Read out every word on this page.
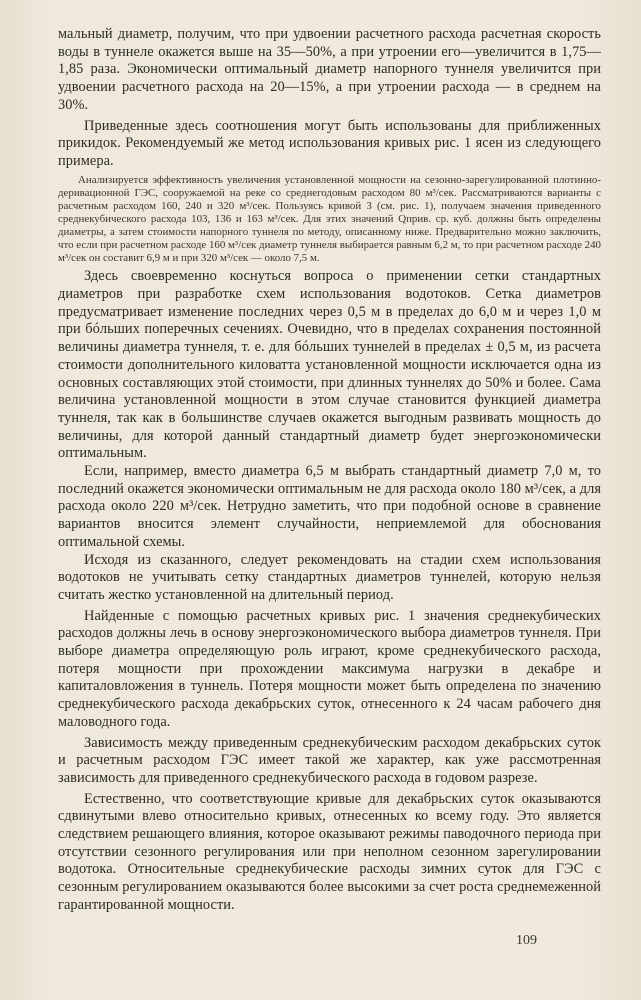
мальный диаметр, получим, что при удвоении расчетного расхода расчетная скорость воды в туннеле окажется выше на 35—50%, а при утроении его—увеличится в 1,75—1,85 раза. Экономически оптимальный диаметр напорного туннеля увеличится при удвоении расчетного расхода на 20—15%, а при утроении расхода — в среднем на 30%.

Приведенные здесь соотношения могут быть использованы для приближенных прикидок. Рекомендуемый же метод использования кривых рис. 1 ясен из следующего примера.

Анализируется эффективность увеличения установленной мощности на сезонно-зарегулированной плотинно-деривационной ГЭС, сооружаемой на реке со среднегодовым расходом 80 м³/сек. Рассматриваются варианты с расчетным расходом 160, 240 и 320 м³/сек. Пользуясь кривой 3 (см. рис. 1), получаем значения приведенного среднекубического расхода 103, 136 и 163 м³/сек. Для этих значений Qприв. ср. куб. должны быть определены диаметры, а затем стоимости напорного туннеля по методу, описанному ниже. Предварительно можно заключить, что если при расчетном расходе 160 м³/сек диаметр туннеля выбирается равным 6,2 м, то при расчетном расходе 240 м³/сек он составит 6,9 м и при 320 м³/сек — около 7,5 м.

Здесь своевременно коснуться вопроса о применении сетки стандартных диаметров при разработке схем использования водотоков. Сетка диаметров предусматривает изменение последних через 0,5 м в пределах до 6,0 м и через 1,0 м при бóльших поперечных сечениях. Очевидно, что в пределах сохранения постоянной величины диаметра туннеля, т. е. для бóльших туннелей в пределах ± 0,5 м, из расчета стоимости дополнительного киловатта установленной мощности исключается одна из основных составляющих этой стоимости, при длинных туннелях до 50% и более. Сама величина установленной мощности в этом случае становится функцией диаметра туннеля, так как в большинстве случаев окажется выгодным развивать мощность до величины, для которой данный стандартный диаметр будет энергоэкономически оптимальным.

Если, например, вместо диаметра 6,5 м выбрать стандартный диаметр 7,0 м, то последний окажется экономически оптимальным не для расхода около 180 м³/сек, а для расхода около 220 м³/сек. Нетрудно заметить, что при подобной основе в сравнение вариантов вносится элемент случайности, неприемлемой для обоснования оптимальной схемы.

Исходя из сказанного, следует рекомендовать на стадии схем использования водотоков не учитывать сетку стандартных диаметров туннелей, которую нельзя считать жестко установленной на длительный период.

Найденные с помощью расчетных кривых рис. 1 значения среднекубических расходов должны лечь в основу энергоэкономического выбора диаметров туннеля. При выборе диаметра определяющую роль играют, кроме среднекубического расхода, потеря мощности при прохождении максимума нагрузки в декабре и капиталовложения в туннель. Потеря мощности может быть определена по значению среднекубического расхода декабрьских суток, отнесенного к 24 часам рабочего дня маловодного года.

Зависимость между приведенным среднекубическим расходом декабрьских суток и расчетным расходом ГЭС имеет такой же характер, как уже рассмотренная зависимость для приведенного среднекубического расхода в годовом разрезе.

Естественно, что соответствующие кривые для декабрьских суток оказываются сдвинутыми влево относительно кривых, отнесенных ко всему году. Это является следствием решающего влияния, которое оказывают режимы паводочного периода при отсутствии сезонного регулирования или при неполном сезонном зарегулировании водотока. Относительные среднекубические расходы зимних суток для ГЭС с сезонным регулированием оказываются более высокими за счет роста среднемеженной гарантированной мощности.

109
